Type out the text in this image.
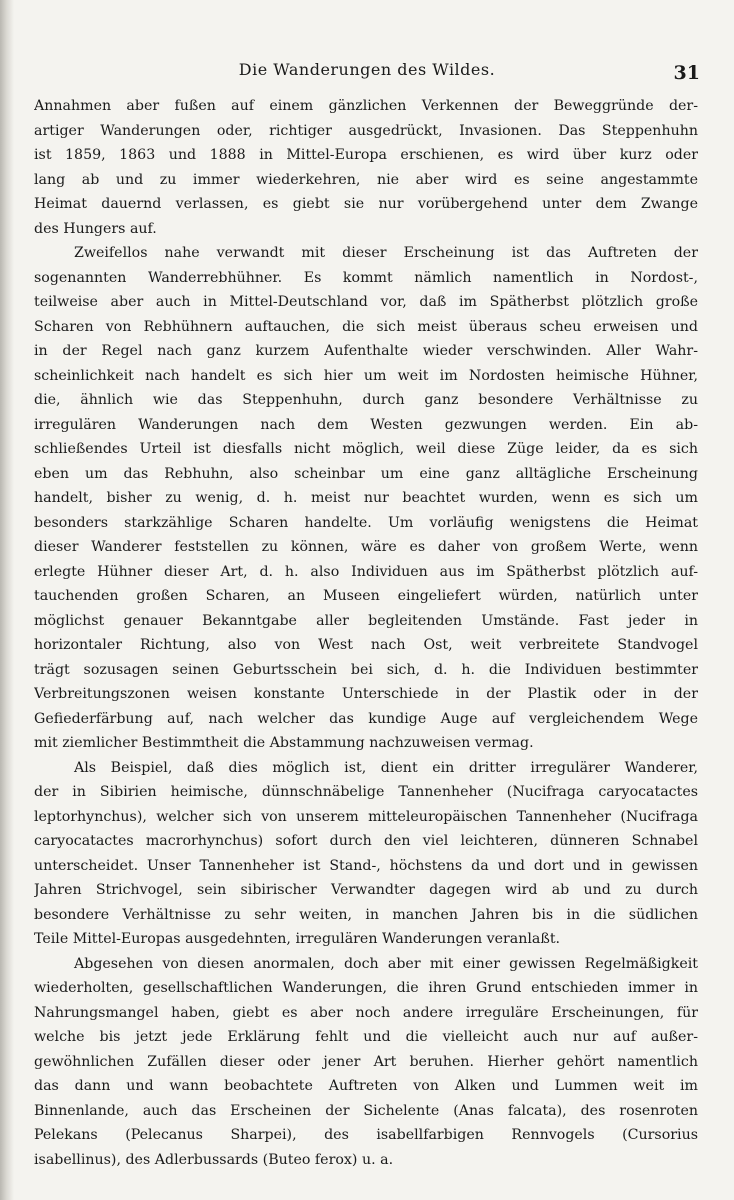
Die Wanderungen des Wildes.	31
Annahmen aber fußen auf einem gänzlichen Verkennen der Beweggründe der-
artiger Wanderungen oder, richtiger ausgedrückt, Invasionen. Das Steppenhuhn
ist 1859, 1863 und 1888 in Mittel-Europa erschienen, es wird über kurz oder
lang ab und zu immer wiederkehren, nie aber wird es seine angestammte
Heimat dauernd verlassen, es giebt sie nur vorübergehend unter dem Zwange
des Hungers auf.
Zweifellos nahe verwandt mit dieser Erscheinung ist das Auftreten der
sogenannten Wanderrebhühner. Es kommt nämlich namentlich in Nordost-,
teilweise aber auch in Mittel-Deutschland vor, daß im Spätherbst plötzlich große
Scharen von Rebhühnern auftauchen, die sich meist überaus scheu erweisen und
in der Regel nach ganz kurzem Aufenthalte wieder verschwinden. Aller Wahr-
scheinlichkeit nach handelt es sich hier um weit im Nordosten heimische Hühner,
die, ähnlich wie das Steppenhuhn, durch ganz besondere Verhältnisse zu
irregulären Wanderungen nach dem Westen gezwungen werden. Ein ab-
schließendes Urteil ist diesfalls nicht möglich, weil diese Züge leider, da es sich
eben um das Rebhuhn, also scheinbar um eine ganz alltägliche Erscheinung
handelt, bisher zu wenig, d. h. meist nur beachtet wurden, wenn es sich um
besonders starkzählige Scharen handelte. Um vorläufig wenigstens die Heimat
dieser Wanderer feststellen zu können, wäre es daher von großem Werte, wenn
erlegte Hühner dieser Art, d. h. also Individuen aus im Spätherbst plötzlich auf-
tauchenden großen Scharen, an Museen eingeliefert würden, natürlich unter
möglichst genauer Bekanntgabe aller begleitenden Umstände. Fast jeder in
horizontaler Richtung, also von West nach Ost, weit verbreitete Standvogel
trägt sozusagen seinen Geburtsschein bei sich, d. h. die Individuen bestimmter
Verbreitungszonen weisen konstante Unterschiede in der Plastik oder in der
Gefiederfärbung auf, nach welcher das kundige Auge auf vergleichendem Wege
mit ziemlicher Bestimmtheit die Abstammung nachzuweisen vermag.
Als Beispiel, daß dies möglich ist, dient ein dritter irregulärer Wanderer,
der in Sibirien heimische, dünnschnäbelige Tannenheher (Nucifraga caryocatactes
leptorhynchus), welcher sich von unserem mitteleuropäischen Tannenheher (Nucifraga
caryocatactes macrorhynchus) sofort durch den viel leichteren, dünneren Schnabel
unterscheidet. Unser Tannenheher ist Stand-, höchstens da und dort und in gewissen
Jahren Strichvogel, sein sibirischer Verwandter dagegen wird ab und zu durch
besondere Verhältnisse zu sehr weiten, in manchen Jahren bis in die südlichen
Teile Mittel-Europas ausgedehnten, irregulären Wanderungen veranlaßt.
Abgesehen von diesen anormalen, doch aber mit einer gewissen Regelmäßigkeit
wiederholten, gesellschaftlichen Wanderungen, die ihren Grund entschieden immer in
Nahrungsmangel haben, giebt es aber noch andere irreguläre Erscheinungen, für
welche bis jetzt jede Erklärung fehlt und die vielleicht auch nur auf außer-
gewöhnlichen Zufällen dieser oder jener Art beruhen. Hierher gehört namentlich
das dann und wann beobachtete Auftreten von Alken und Lummen weit im
Binnenlande, auch das Erscheinen der Sichelente (Anas falcata), des rosenroten
Pelekans (Pelecanus Sharpei), des isabellfarbigen Rennvogels (Cursorius
isabellinus), des Adlerbussards (Buteo ferox) u. a.
